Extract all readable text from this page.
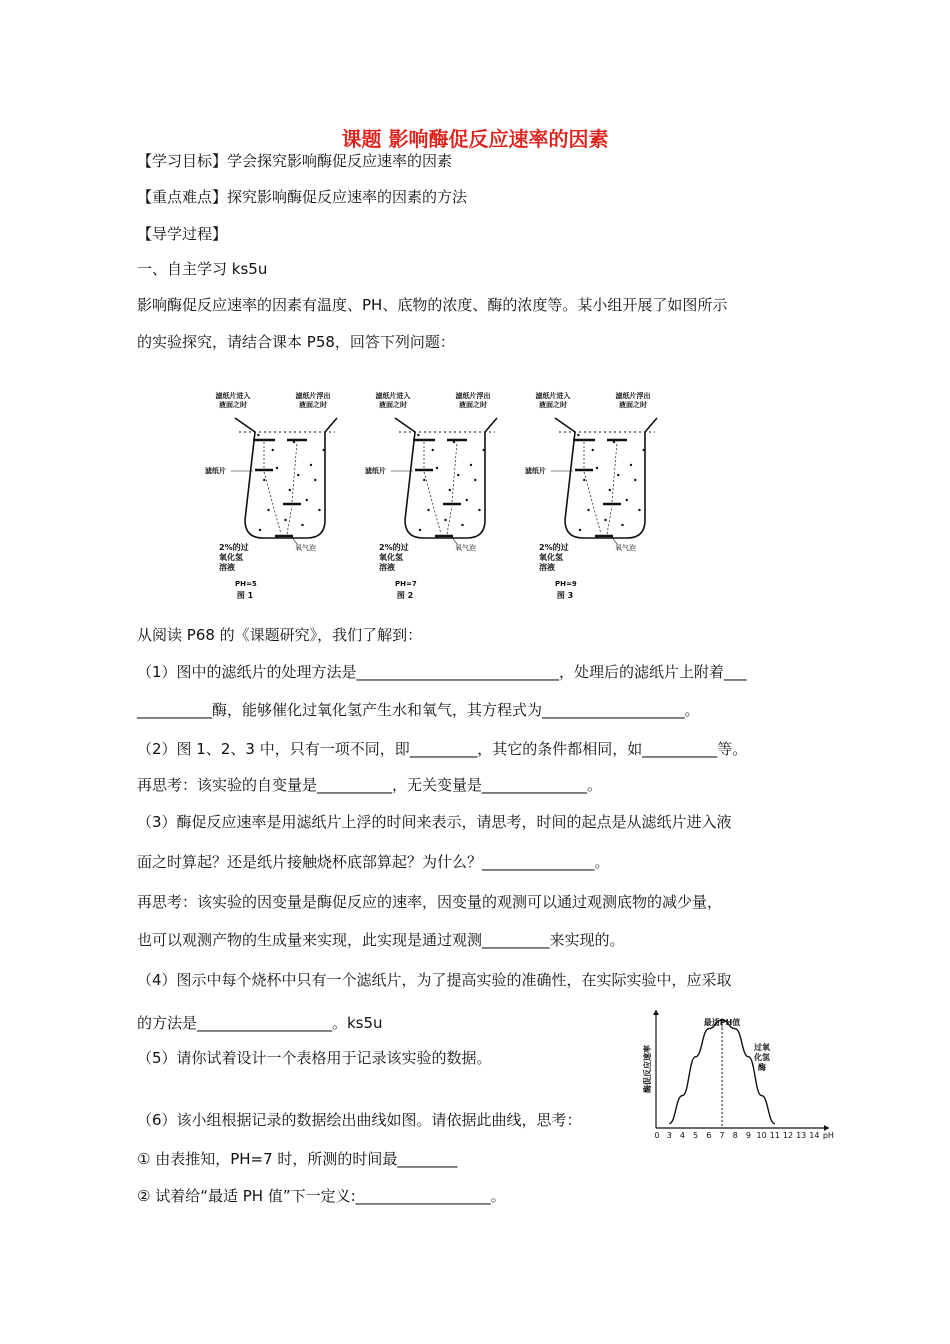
课题 影响酶促反应速率的因素
【学习目标】学会探究影响酶促反应速率的因素
【重点难点】探究影响酶促反应速率的因素的方法
【导学过程】
一、自主学习 ks5u
影响酶促反应速率的因素有温度、PH、底物的浓度、酶的浓度等。某小组开展了如图所示
的实验探究，请结合课本 P58，回答下列问题：
滤纸片进入
液面之时
滤纸片浮出
液面之时
滤纸片
2%的过
氧化氢
溶液
氧气泡
PH=5
图 1
滤纸片进入
液面之时
滤纸片浮出
液面之时
滤纸片
2%的过
氧化氢
溶液
氧气泡
PH=7
图 2
滤纸片进入
液面之时
滤纸片浮出
液面之时
滤纸片
2%的过
氧化氢
溶液
氧气泡
PH=9
图 3
从阅读 P68 的《课题研究》，我们了解到：
（1）图中的滤纸片的处理方法是___________________________，处理后的滤纸片上附着___
__________酶，能够催化过氧化氢产生水和氧气，其方程式为___________________。
（2）图 1、2、3 中，只有一项不同，即_________，其它的条件都相同，如__________等。
再思考：该实验的自变量是__________，无关变量是______________。
（3）酶促反应速率是用滤纸片上浮的时间来表示，请思考，时间的起点是从滤纸片进入液
面之时算起？还是纸片接触烧杯底部算起？为什么？_______________。
再思考：该实验的因变量是酶促反应的速率，因变量的观测可以通过观测底物的减少量，
也可以观测产物的生成量来实现，此实现是通过观测_________来实现的。
（4）图示中每个烧杯中只有一个滤纸片，为了提高实验的准确性，在实际实验中，应采取
的方法是__________________。ks5u
（5）请你试着设计一个表格用于记录该实验的数据。
（6）该小组根据记录的数据绘出曲线如图。请依据此曲线，思考：
① 由表推知，PH=7 时，所测的时间最________
② 试着给“最适 PH 值”下一定义:__________________。
0 3 4 5 6 7 8 9 10 11 12 13 14 pH
酶促反应速率
最适PH值
过氧
化氢
酶
